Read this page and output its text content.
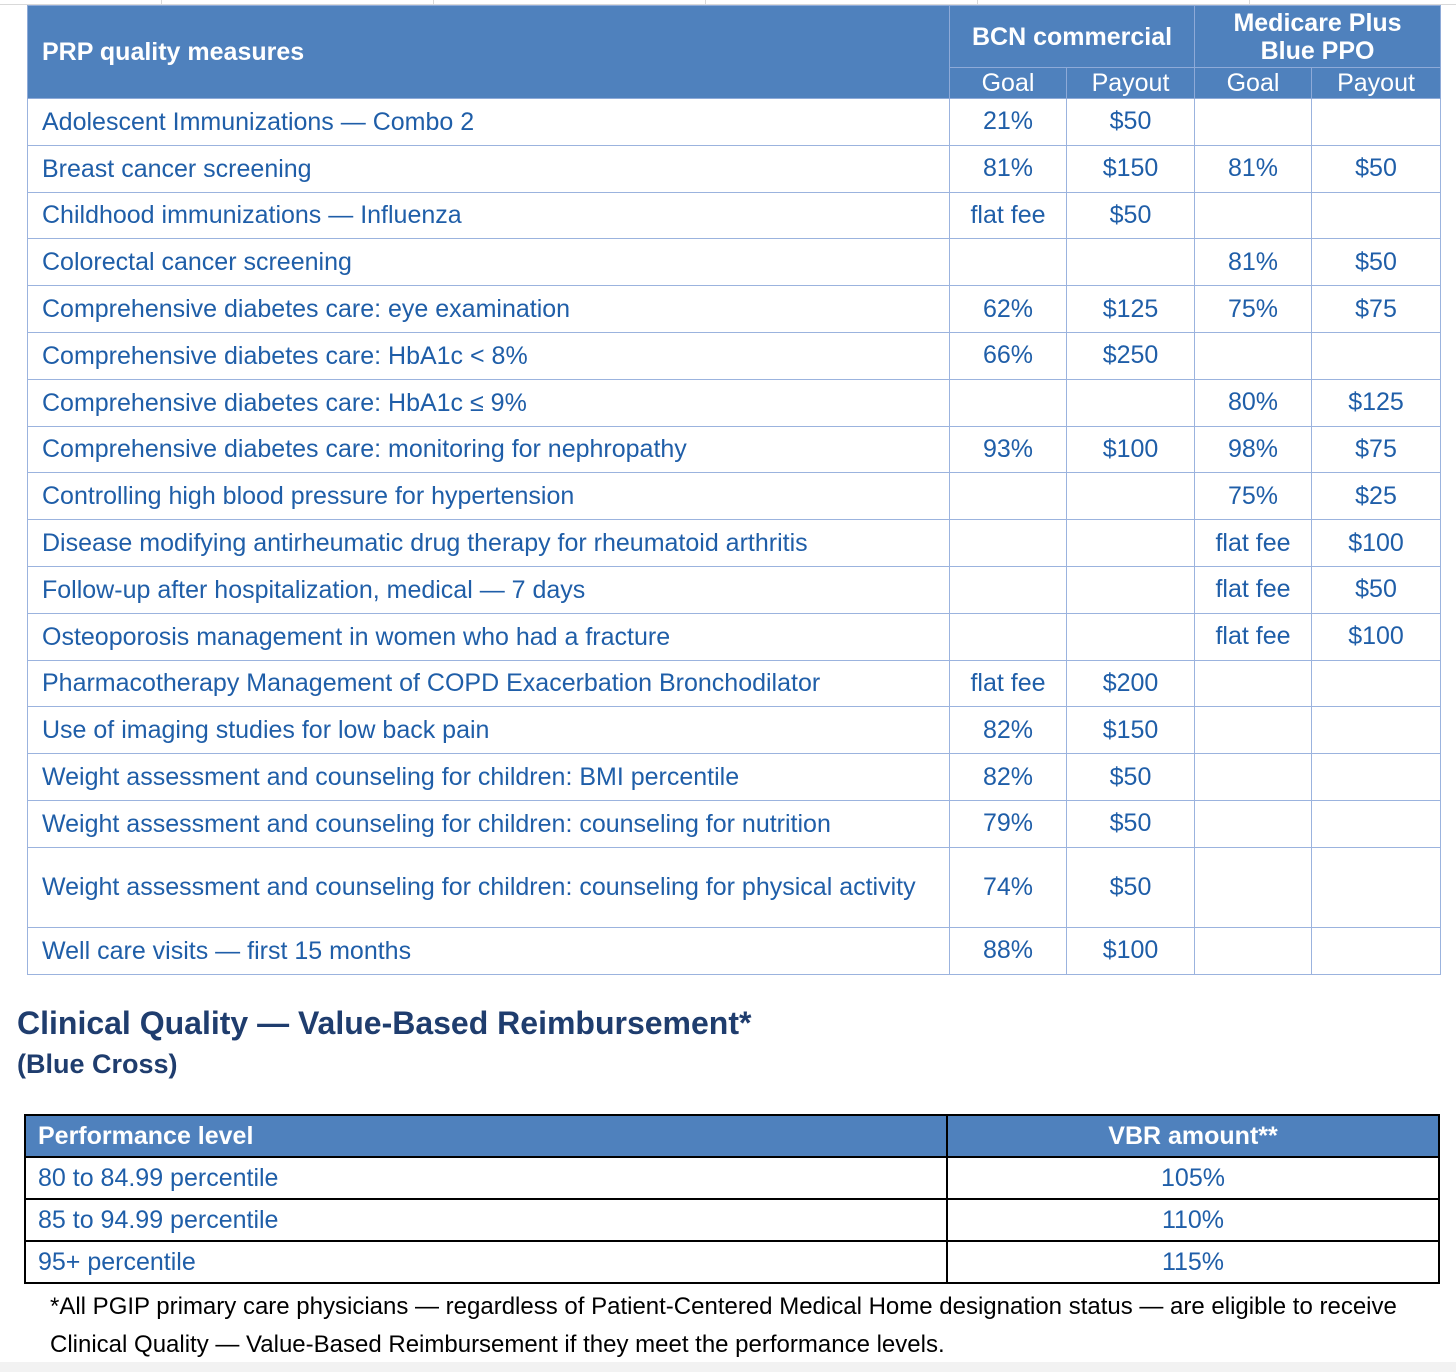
PRP quality measures	BCN commercial		Medicare Plus
Blue PPO	
	Goal	Payout	Goal	Payout
Adolescent Immunizations — Combo 2	21%	$50		
Breast cancer screening	81%	$150	81%	$50
Childhood immunizations — Influenza	flat fee	$50		
Colorectal cancer screening			81%	$50
Comprehensive diabetes care: eye examination	62%	$125	75%	$75
Comprehensive diabetes care: HbA1c < 8%	66%	$250		
Comprehensive diabetes care: HbA1c ≤ 9%			80%	$125
Comprehensive diabetes care: monitoring for nephropathy	93%	$100	98%	$75
Controlling high blood pressure for hypertension			75%	$25
Disease modifying antirheumatic drug therapy for rheumatoid arthritis			flat fee	$100
Follow-up after hospitalization, medical — 7 days			flat fee	$50
Osteoporosis management in women who had a fracture			flat fee	$100
Pharmacotherapy Management of COPD Exacerbation Bronchodilator	flat fee	$200		
Use of imaging studies for low back pain	82%	$150		
Weight assessment and counseling for children: BMI percentile	82%	$50		
Weight assessment and counseling for children: counseling for nutrition	79%	$50		
Weight assessment and counseling for children: counseling for physical activity	74%	$50		
Well care visits — first 15 months	88%	$100		
Clinical Quality — Value-Based Reimbursement*
(Blue Cross)
Performance level	VBR amount**
80 to 84.99 percentile	105%
85 to 94.99 percentile	110%
95+ percentile	115%

*All PGIP primary care physicians — regardless of Patient-Centered Medical Home designation status — are eligible to receive Clinical Quality — Value-Based Reimbursement if they meet the performance levels.
